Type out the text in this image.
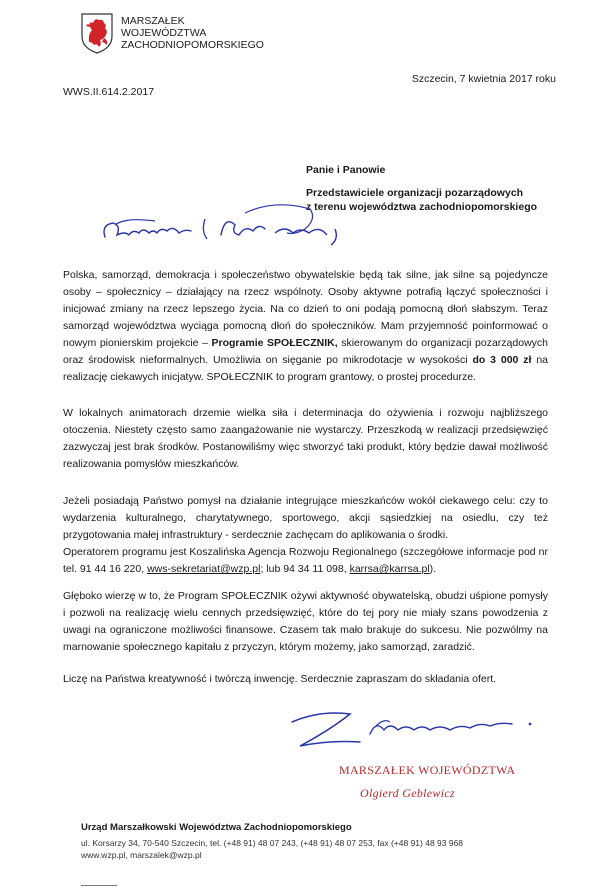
MARSZAŁEK
WOJEWÓDZTWA
ZACHODNIOPOMORSKIEGO
Szczecin, 7 kwietnia 2017 roku
WWS.II.614.2.2017
Panie i Panowie
Przedstawiciele organizacji pozarządowych
z terenu województwa zachodniopomorskiego
Szanowni Państwo,
Polska, samorząd, demokracja i społeczeństwo obywatelskie będą tak silne, jak silne są pojedyncze osoby – społecznicy – działający na rzecz wspólnoty. Osoby aktywne potrafią łączyć społeczności i inicjować zmiany na rzecz lepszego życia. Na co dzień to oni podają pomocną dłoń słabszym. Teraz samorząd województwa wyciąga pomocną dłoń do społeczników. Mam przyjemność poinformować o nowym pionierskim projekcie – Programie SPOŁECZNIK, skierowanym do organizacji pozarządowych oraz środowisk nieformalnych. Umożliwia on sięganie po mikrodotacje w wysokości do 3 000 zł na realizację ciekawych inicjatyw. SPOŁECZNIK to program grantowy, o prostej procedurze.
W lokalnych animatorach drzemie wielka siła i determinacja do ożywienia i rozwoju najbliższego otoczenia. Niestety często samo zaangażowanie nie wystarczy. Przeszkodą w realizacji przedsięwzięć zazwyczaj jest brak środków. Postanowiliśmy więc stworzyć taki produkt, który będzie dawał możliwość realizowania pomysłów mieszkańców.
Jeżeli posiadają Państwo pomysł na działanie integrujące mieszkańców wokół ciekawego celu: czy to wydarzenia kulturalnego, charytatywnego, sportowego, akcji sąsiedzkiej na osiedlu, czy też przygotowania małej infrastruktury - serdecznie zachęcam do aplikowania o środki.
Operatorem programu jest Koszalińska Agencja Rozwoju Regionalnego (szczegółowe informacje pod nr tel. 91 44 16 220, wws-sekretariat@wzp.pl; lub 94 34 11 098, karrsa@karrsa.pl).
Głęboko wierzę w to, że Program SPOŁECZNIK ożywi aktywność obywatelską, obudzi uśpione pomysły i pozwoli na realizację wielu cennych przedsięwzięć, które do tej pory nie miały szans powodzenia z uwagi na ograniczone możliwości finansowe. Czasem tak mało brakuje do sukcesu. Nie pozwólmy na marnowanie społecznego kapitału z przyczyn, którym możemy, jako samorząd, zaradzić.
Liczę na Państwa kreatywność i twórczą inwencję. Serdecznie zapraszam do składania ofert.
MARSZAŁEK WOJEWÓDZTWA
Olgierd Geblewicz
Urząd Marszałkowski Województwa Zachodniopomorskiego
ul. Korsarzy 34, 70-540 Szczecin, tel. (+48 91) 48 07 243, (+48 91) 48 07 253, fax (+48 91) 48 93 968
www.wzp.pl, marszalek@wzp.pl
